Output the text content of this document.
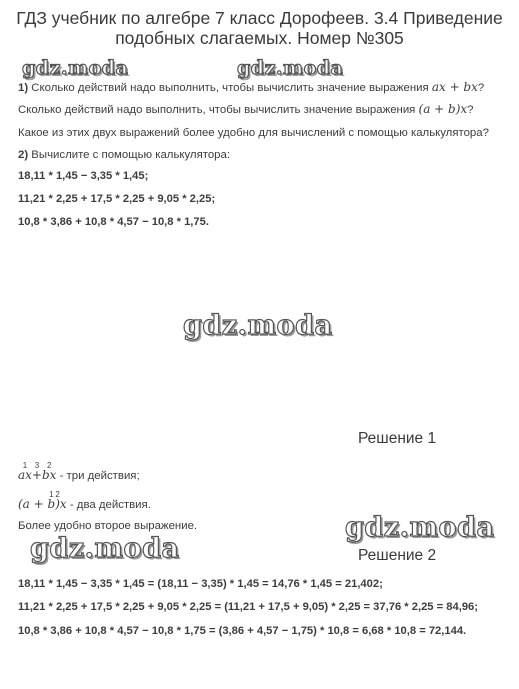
ГДЗ учебник по алгебре 7 класс Дорофеев. 3.4 Приведение
подобных слагаемых. Номер №305
gdz.moda	gdz.moda
1) Сколько действий надо выполнить, чтобы вычислить значение выражения ax + bx?
Сколько действий надо выполнить, чтобы вычислить значение выражения (a + b)x?
Какое из этих двух выражений более удобно для вычислений с помощью калькулятора?
2) Вычислите с помощью калькулятора:
18,11 * 1,45 − 3,35 * 1,45;
11,21 * 2,25 + 17,5 * 2,25 + 9,05 * 2,25;
10,8 * 3,86 + 10,8 * 4,57 − 10,8 * 1,75.
gdz.moda
Решение 1
1
ax
3
+
2
bx - три действия;
(a +
1
b
2
)x - два действия.
Более удобно второе выражение.	gdz.moda
gdz.moda	Решение 2
18,11 * 1,45 − 3,35 * 1,45 = (18,11 − 3,35) * 1,45 = 14,76 * 1,45 = 21,402;
11,21 * 2,25 + 17,5 * 2,25 + 9,05 * 2,25 = (11,21 + 17,5 + 9,05) * 2,25 = 37,76 * 2,25 = 84,96;
10,8 * 3,86 + 10,8 * 4,57 − 10,8 * 1,75 = (3,86 + 4,57 − 1,75) * 10,8 = 6,68 * 10,8 = 72,144.
